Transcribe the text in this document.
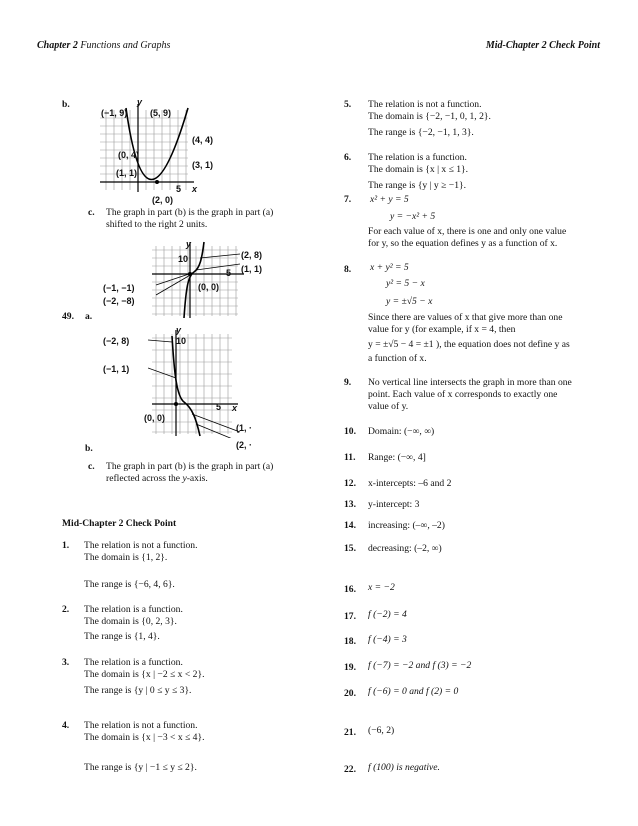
Chapter 2 Functions and Graphs	Mid-Chapter 2 Check Point
b.	y
(−1, 9)	(5, 9)
(4, 4)
(0, 4)
(3, 1)
(1, 1)
5 x
(2, 0)
c. The graph in part (b) is the graph in part (a)
shifted to the right 2 units.
y
10	(2, 8)
(1, 1)
5
(0, 0)
(−1, −1)
(−2, −8)
49. a.
y
(−2, 8)	10
(−1, 1)
5 x
(0, 0)
(1, ·
(2, ·
b.
c. The graph in part (b) is the graph in part (a)
reflected across the y-axis.
Mid-Chapter 2 Check Point
1. The relation is not a function.
The domain is {1, 2}.
The range is {−6, 4, 6}.
2. The relation is a function.
The domain is {0, 2, 3}.
The range is {1, 4}.
3. The relation is a function.
The domain is {x | −2 ≤ x < 2}.
The range is {y | 0 ≤ y ≤ 3}.
4. The relation is not a function.
The domain is {x | −3 < x ≤ 4}.
The range is {y | −1 ≤ y ≤ 2}.
5. The relation is not a function.
The domain is {−2, −1, 0, 1, 2}.
The range is {−2, −1, 1, 3}.
6. The relation is a function.
The domain is {x | x ≤ 1}.
The range is {y | y ≥ −1}.
7. x² + y = 5
y = −x² + 5
For each value of x, there is one and only one value
for y, so the equation defines y as a function of x.
8. x + y² = 5
y² = 5 − x
y = ±√5 − x
Since there are values of x that give more than one
value for y (for example, if x = 4, then
y = ±√5 − 4 = ±1 ), the equation does not define y as
a function of x.
9. No vertical line intersects the graph in more than one
point. Each value of x corresponds to exactly one
value of y.
10. Domain: (−∞, ∞)
11. Range: (−∞, 4]
12. x-intercepts: –6 and 2
13. y-intercept: 3
14. increasing: (–∞, –2)
15. decreasing: (–2, ∞)
16. x = −2
17. f (−2) = 4
18. f (−4) = 3
19. f (−7) = −2 and f (3) = −2
20. f (−6) = 0 and f (2) = 0
21. (−6, 2)
22. f (100) is negative.
